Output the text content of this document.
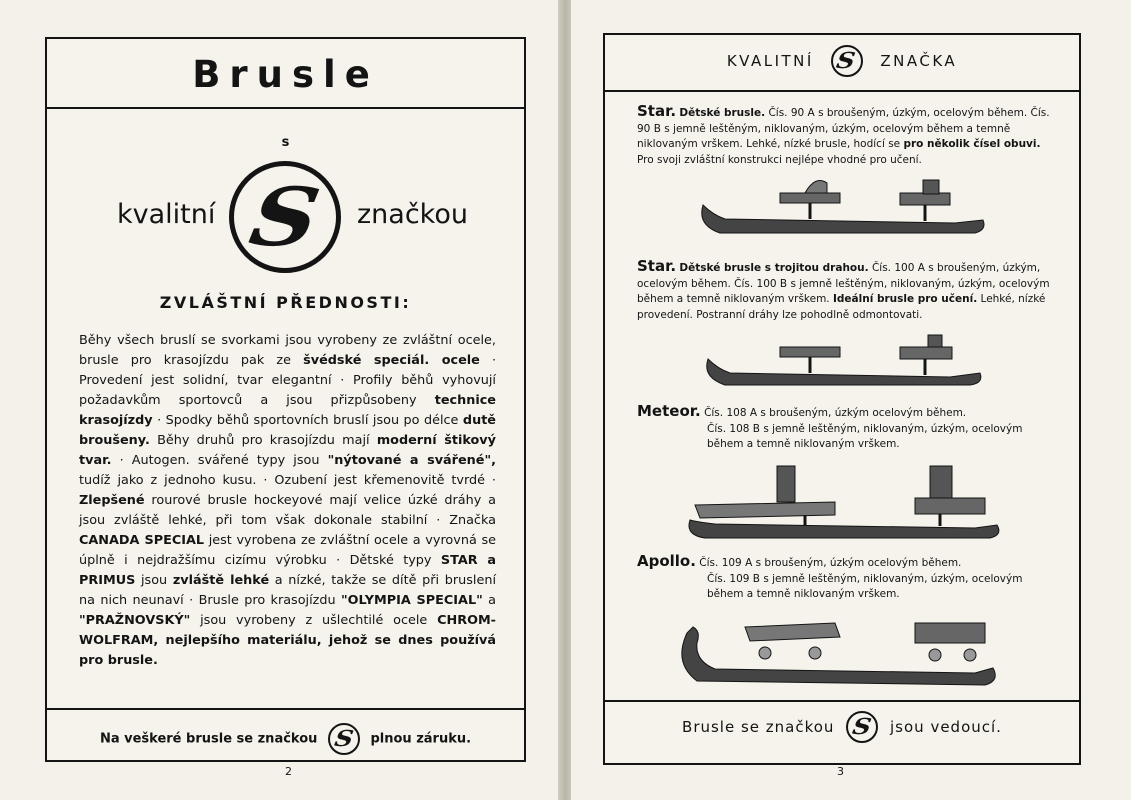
Brusle
s
kvalitní S značkou
ZVLÁŠTNÍ PŘEDNOSTI:
Běhy všech bruslí se svorkami jsou vyrobeny ze zvláštní ocele, brusle pro krasojízdu pak ze švédské speciál. ocele · Provedení jest solidní, tvar elegantní · Profily běhů vyhovují požadavkům sportovců a jsou přizpůsobeny technice krasojízdy · Spodky běhů sportovních bruslí jsou po délce dutě broušeny. Běhy druhů pro krasojízdu mají moderní štikový tvar. · Autogen. svářené typy jsou "nýtované a svářené", tudíž jako z jednoho kusu. · Ozubení jest křemenovitě tvrdé · Zlepšené rourové brusle hockeyové mají velice úzké dráhy a jsou zvláště lehké, při tom však dokonale stabilní · Značka CANADA SPECIAL jest vyrobena ze zvláštní ocele a vyrovná se úplně i nejdražšímu cizímu výrobku · Dětské typy STAR a PRIMUS jsou zvláště lehké a nízké, takže se dítě při bruslení na nich neunaví · Brusle pro krasojízdu "OLYMPIA SPECIAL" a "PRAŽNOVSKÝ" jsou vyrobeny z ušlechtilé ocele CHROM-WOLFRAM, nejlepšího materiálu, jehož se dnes používá pro brusle.
Na veškeré brusle se značkou S plnou záruku.
2
KVALITNÍ S ZNAČKA
Star. Dětské brusle. Čís. 90 A s broušeným, úzkým, ocelovým během. Čís. 90 B s jemně leštěným, niklovaným, úzkým, ocelovým během a temně niklovaným vrškem. Lehké, nízké brusle, hodící se pro několik čísel obuvi. Pro svoji zvláštní konstrukci nejlépe vhodné pro učení.
Star. Dětské brusle s trojitou drahou. Čís. 100 A s broušeným, úzkým, ocelovým během. Čís. 100 B s jemně leštěným, niklovaným, úzkým, ocelovým během a temně niklovaným vrškem. Ideální brusle pro učení. Lehké, nízké provedení. Postranní dráhy lze pohodlně odmontovati.
Meteor. Čís. 108 A s broušeným, úzkým ocelovým během.
Čís. 108 B s jemně leštěným, niklovaným, úzkým, ocelovým během a temně niklovaným vrškem.
Apollo. Čís. 109 A s broušeným, úzkým ocelovým během.
Čís. 109 B s jemně leštěným, niklovaným, úzkým, ocelovým během a temně niklovaným vrškem.
Brusle se značkou S jsou vedoucí.
3
